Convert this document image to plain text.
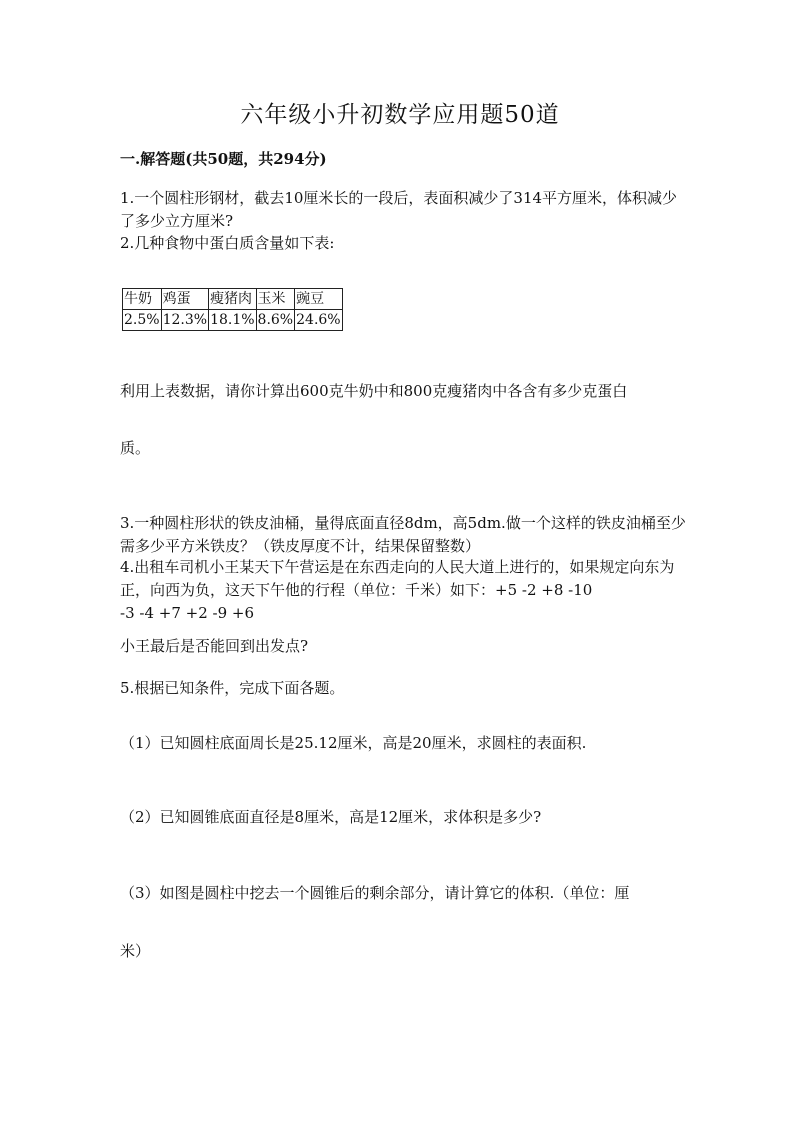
六年级小升初数学应用题50道
一.解答题(共50题，共294分)
1.一个圆柱形钢材，截去10厘米长的一段后，表面积减少了314平方厘米，体积减少了多少立方厘米?
2.几种食物中蛋白质含量如下表:
牛奶	鸡蛋	瘦猪肉	玉米	豌豆
2.5%	12.3%	18.1%	8.6%	24.6%
利用上表数据，请你计算出600克牛奶中和800克瘦猪肉中各含有多少克蛋白
质。
3.一种圆柱形状的铁皮油桶，量得底面直径8dm，高5dm.做一个这样的铁皮油桶至少需多少平方米铁皮？（铁皮厚度不计，结果保留整数）
4.出租车司机小王某天下午营运是在东西走向的人民大道上进行的，如果规定向东为正，向西为负，这天下午他的行程（单位：千米）如下：+5 -2 +8 -10
-3 -4 +7 +2 -9 +6
小王最后是否能回到出发点?
5.根据已知条件，完成下面各题。
（1）已知圆柱底面周长是25.12厘米，高是20厘米，求圆柱的表面积.
（2）已知圆锥底面直径是8厘米，高是12厘米，求体积是多少?
（3）如图是圆柱中挖去一个圆锥后的剩余部分，请计算它的体积.（单位：厘
米）
